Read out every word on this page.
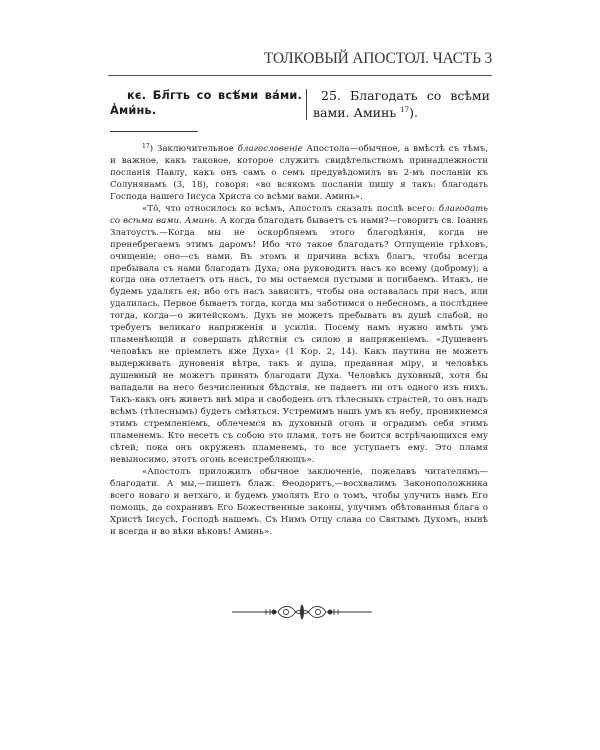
ТОЛКОВЫЙ АПОСТОЛ. ЧАСТЬ 3
кє. Бл҃гть со всѣ́ми ва́ми. А҆ми́нь.
25. Благодать со всѣми вами. Аминь $^{17}$).

$^{17}$) Заключительное благословеніе Апостола—обычное, а вмѣстѣ съ тѣмъ, и важное, какъ таковое, которое служитъ свидѣтельствомъ принадлежности посланія Павлу, какъ онъ самъ о семъ предувѣдомилъ въ 2-мъ посланіи къ Солунянамъ (3, 18), говоря: «во всякомъ посланіи пишу я такъ: благодать Господа нашего Іисуса Христа со всѣми вами. Аминь».

«Тô, что относилось ко всѣмъ, Апостолъ сказалъ послѣ всего: благодать со всѣми вами. Аминь. А когда благодать бываетъ съ нами?—говоритъ св. Іоаннъ Златоустъ.—Когда мы не оскорбляемъ этого благодѣянія, когда не пренебрегаемъ этимъ даромъ! Ибо что такое благодать? Отпущеніе грѣховъ, очищеніе; оно—съ нами. Въ этомъ и причина всѣхъ благъ, чтобы всегда пребывала съ нами благодать Духа; она руководитъ насъ ко всему (доброму); а когда она отлетаетъ отъ насъ, то мы остаемся пустыми и погибаемъ. Итакъ, не будемъ удалять ея; ибо отъ насъ зависитъ, чтобы она оставалась при насъ, или удалилась. Первое бываетъ тогда, когда мы заботимся о небесномъ, а послѣднее тогда, когда—о житейскомъ. Духъ не можетъ пребывать въ душѣ слабой, но требуетъ великаго напряженія и усилія. Посему намъ нужно имѣть умъ пламенѣющій и совершать дѣйствія съ силою и напряженіемъ. «Душевенъ человѣкъ не пріемлетъ яже Духа» (1 Кор. 2, 14). Какъ паутина не можетъ выдерживать дуновенія вѣтра, такъ и душа, преданная міру, и человѣкъ душевный не можетъ принять благодати Духа. Человѣкъ духовный, хотя бы нападали на него безчисленныя бѣдствія, не падаетъ ни отъ одного изъ нихъ. Такъ-какъ онъ живетъ внѣ міра и свободенъ отъ тѣлесныхъ страстей, то онъ надъ всѣмъ (тѣлеснымъ) будетъ смѣяться. Устремимъ нашъ умъ къ небу, проникнемся этимъ стремленіемъ, облечемся въ духовный огонь и оградимъ себя этимъ пламенемъ. Кто несетъ съ собою это пламя, тотъ не боится встрѣчающихся ему сѣтей; пока онъ окруженъ пламенемъ, то все уступаетъ ему. Это пламя невыносимо, этотъ огонь всеистребляющъ».

«Апостолъ приложилъ обычное заключеніе, пожелавъ читателямъ—благодати. А мы,—пишетъ блаж. Θеодоритъ,—восхвалимъ Законоположника всего новаго и ветхаго, и будемъ умолять Его о томъ, чтобы улучить намъ Его помощь, да сохранивъ Его Божественные законы, улучимъ обѣтованныя блага о Христѣ Іисусѣ, Господѣ нашемъ. Съ Нимъ Отцу слава со Святымъ Духомъ, нынѣ и всегда и во вѣки вѣковъ! Аминь».
